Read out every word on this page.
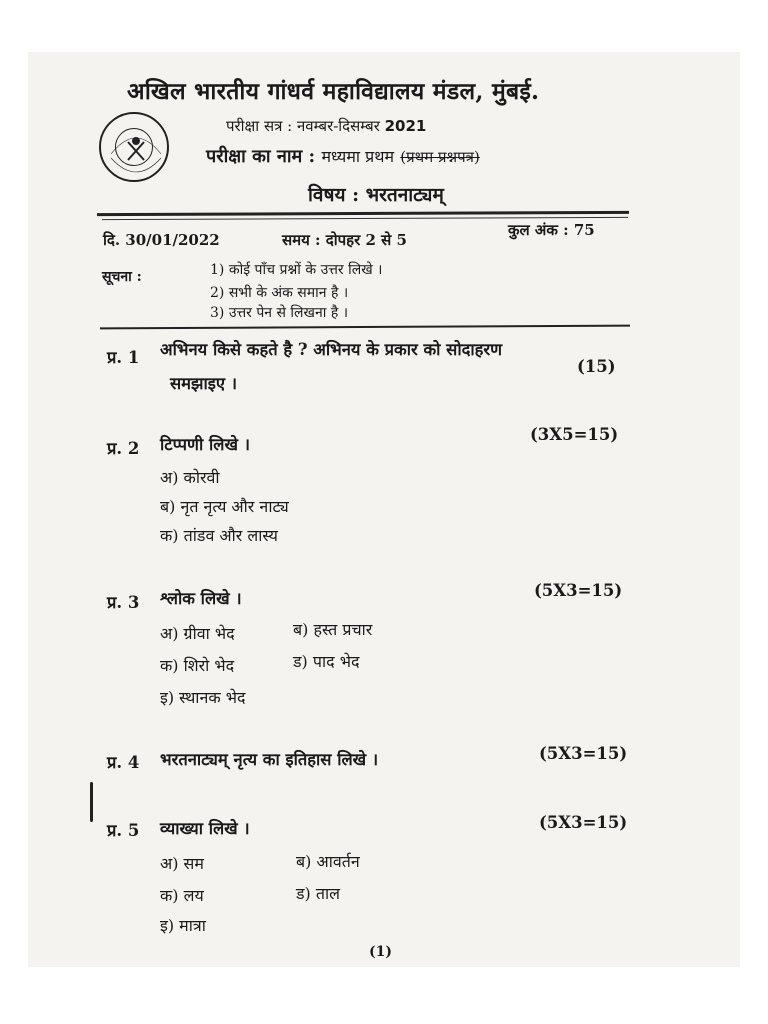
अखिल भारतीय गांधर्व महाविद्यालय मंडल, मुंबई.
परीक्षा सत्र : नवम्बर-दिसम्बर 2021
परीक्षा का नाम : मध्यमा प्रथम (प्रथम प्रश्नपत्र)
विषय : भरतनाट्यम्
दि. 30/01/2022	समय : दोपहर 2 से 5
कुल अंक : 75
सूचना :	1) कोई पाँच प्रश्नों के उत्तर लिखे ।
2) सभी के अंक समान है ।
3) उत्तर पेन से लिखना है ।
प्र. 1 अभिनय किसे कहते है ? अभिनय के प्रकार को सोदाहरण
समझाइए ।
(15)
प्र. 2 टिप्पणी लिखे ।
(3X5=15)
अ) कोरवी
ब) नृत नृत्य और नाट्य
क) तांडव और लास्य
प्र. 3 श्लोक लिखे ।	(5X3=15)
अ) ग्रीवा भेद	ब) हस्त प्रचार
क) शिरो भेद	ड) पाद भेद
इ) स्थानक भेद
प्र. 4 भरतनाट्यम् नृत्य का इतिहास लिखे ।	(5X3=15)
प्र. 5 व्याख्या लिखे ।	(5X3=15)
अ) सम	ब) आवर्तन
क) लय	ड) ताल
इ) मात्रा
(1)
